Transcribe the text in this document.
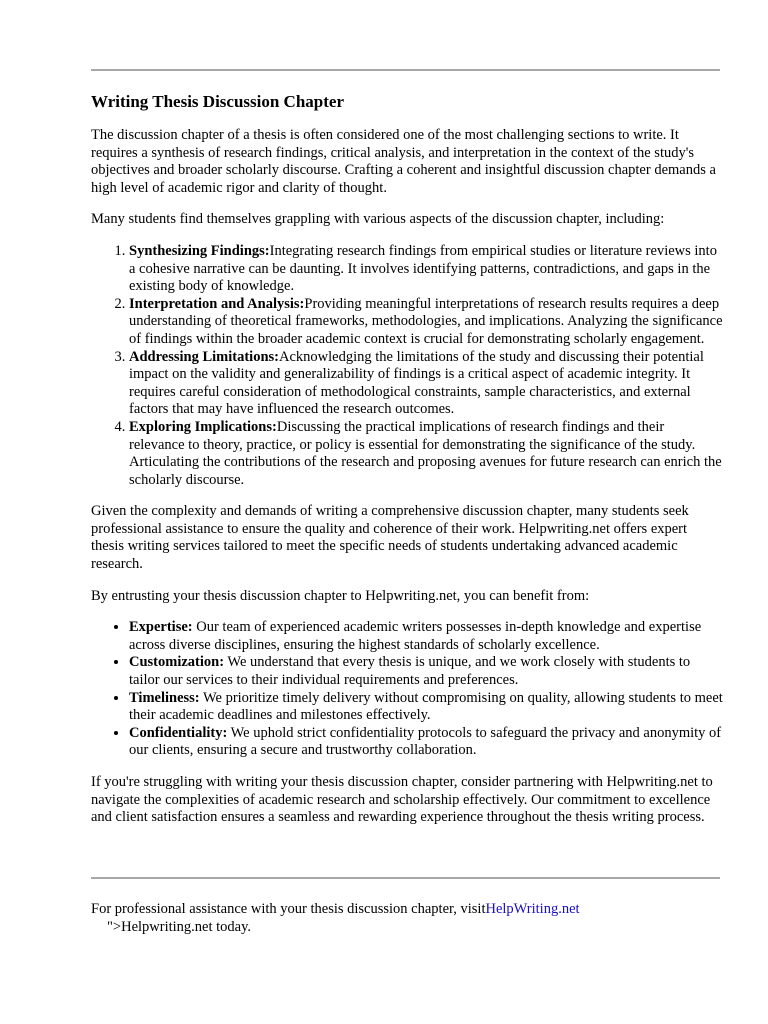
Writing Thesis Discussion Chapter

The discussion chapter of a thesis is often considered one of the most challenging sections to write. It requires a synthesis of research findings, critical analysis, and interpretation in the context of the study's objectives and broader scholarly discourse. Crafting a coherent and insightful discussion chapter demands a high level of academic rigor and clarity of thought.

Many students find themselves grappling with various aspects of the discussion chapter, including:

1. Synthesizing Findings:Integrating research findings from empirical studies or literature reviews into a cohesive narrative can be daunting. It involves identifying patterns, contradictions, and gaps in the existing body of knowledge.
2. Interpretation and Analysis:Providing meaningful interpretations of research results requires a deep understanding of theoretical frameworks, methodologies, and implications. Analyzing the significance of findings within the broader academic context is crucial for demonstrating scholarly engagement.
3. Addressing Limitations:Acknowledging the limitations of the study and discussing their potential impact on the validity and generalizability of findings is a critical aspect of academic integrity. It requires careful consideration of methodological constraints, sample characteristics, and external factors that may have influenced the research outcomes.
4. Exploring Implications:Discussing the practical implications of research findings and their relevance to theory, practice, or policy is essential for demonstrating the significance of the study. Articulating the contributions of the research and proposing avenues for future research can enrich the scholarly discourse.

Given the complexity and demands of writing a comprehensive discussion chapter, many students seek professional assistance to ensure the quality and coherence of their work. Helpwriting.net offers expert thesis writing services tailored to meet the specific needs of students undertaking advanced academic research.

By entrusting your thesis discussion chapter to Helpwriting.net, you can benefit from:

• Expertise: Our team of experienced academic writers possesses in-depth knowledge and expertise across diverse disciplines, ensuring the highest standards of scholarly excellence.
• Customization: We understand that every thesis is unique, and we work closely with students to tailor our services to their individual requirements and preferences.
• Timeliness: We prioritize timely delivery without compromising on quality, allowing students to meet their academic deadlines and milestones effectively.
• Confidentiality: We uphold strict confidentiality protocols to safeguard the privacy and anonymity of our clients, ensuring a secure and trustworthy collaboration.

If you're struggling with writing your thesis discussion chapter, consider partnering with Helpwriting.net to navigate the complexities of academic research and scholarship effectively. Our commitment to excellence and client satisfaction ensures a seamless and rewarding experience throughout the thesis writing process.

For professional assistance with your thesis discussion chapter, visitHelpWriting.net
">Helpwriting.net today.
